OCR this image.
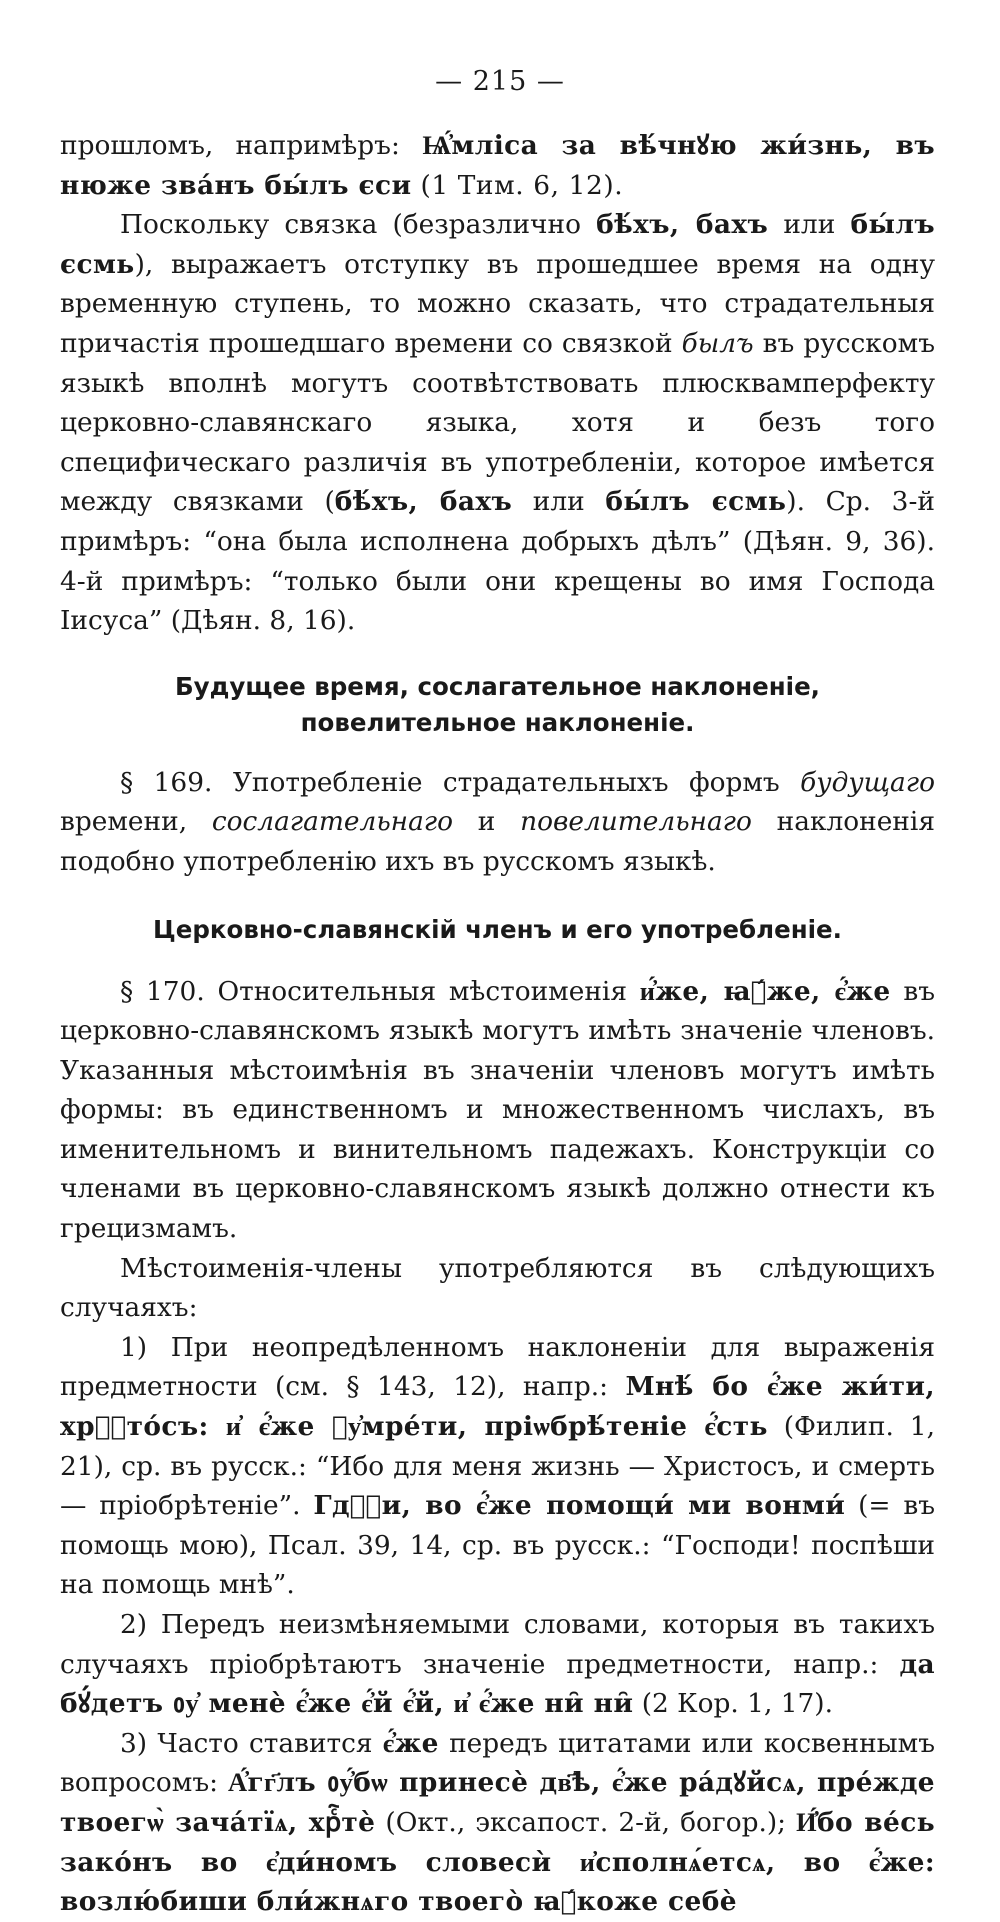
— 215 —

прошломъ, напримѣръ: Ѩ҆́мліса за вѣ́чнꙋю жи́знь, въ нюже зва́нъ бы́лъ єси (1 Тим. 6, 12).

Поскольку связка (безразлично бѣ́хъ, бахъ или бы́лъ єсмь), выражаетъ отступку въ прошедшее время на одну временную ступень, то можно сказать, что страдательныя причастія прошедшаго времени со связкой былъ въ русскомъ языкѣ вполнѣ могутъ соотвѣтствовать плюсквамперфекту церковно-славянскаго языка, хотя и безъ того специфическаго различія въ употребленіи, которое имѣется между связками (бѣ́хъ, бахъ или бы́лъ єсмь). Ср. 3-й примѣръ: “она была исполнена добрыхъ дѣлъ” (Дѣян. 9, 36). 4-й примѣръ: “только были они крещены во имя Господа Іисуса” (Дѣян. 8, 16).

Будущее время, сослагательное наклоненіе,
повелительное наклоненіе.

§ 169. Употребленіе страдательныхъ формъ будущаго времени, сослагательнаго и повелительнаго наклоненія подобно употребленію ихъ въ русскомъ языкѣ.

Церковно-славянскій членъ и его употребленіе.

§ 170. Относительныя мѣстоименія и҆́же, ꙗ҆́же, є҆́же въ церковно-славянскомъ языкѣ могутъ имѣть значеніе членовъ. Указанныя мѣстоимѣнія въ значеніи членовъ могутъ имѣть формы: въ единственномъ и множественномъ числахъ, въ именительномъ и винительномъ падежахъ. Конструкціи со членами въ церковно-славянскомъ языкѣ должно отнести къ грецизмамъ.

Мѣстоименія-члены употребляются въ слѣдующихъ случаяхъ:

1) При неопредѣленномъ наклоненіи для выраженія предметности (см. § 143, 12), напр.: Мнѣ́ бо є҆́же жи́ти, хрⷭ҇то́съ: и҆ є҆́же ᲂу҆мре́ти, пріѡбрѣ́теніе є҆́сть (Филип. 1, 21), ср. въ русск.: “Ибо для меня жизнь — Христосъ, и смерть — пріобрѣтеніе”. Гдⷭ҇и, во є҆́же помощи́ ми вонми́ (= въ помощь мою), Псал. 39, 14, ср. въ русск.: “Господи! поспѣши на помощь мнѣ”.

2) Передъ неизмѣняемыми словами, которыя въ такихъ случаяхъ пріобрѣтаютъ значеніе предметности, напр.: да бꙋ́детъ ᲂу҆ менѐ є҆́же є҆́й є҆́й, и҆ є҆́же ни̑ ни̑ (2 Кор. 1, 17).

3) Часто ставится є҆́же передъ цитатами или косвеннымъ вопросомъ: А҆́гг҃лъ ᲂу҆́бѡ принесѐ дв҃ѣ, є҆́же ра́дꙋйсѧ, пре́жде твоегѡ̀ зача́тїѧ, хрⷭ҇тѐ (Окт., эксапост. 2-й, богор.); И҆́бо ве́сь зако́нъ во є҆ди́номъ словесѝ и҆сполнѧ́етсѧ, во є҆́же: возлю́биши бли́жнѧго твоего̀ ꙗ҆́коже себѐ
